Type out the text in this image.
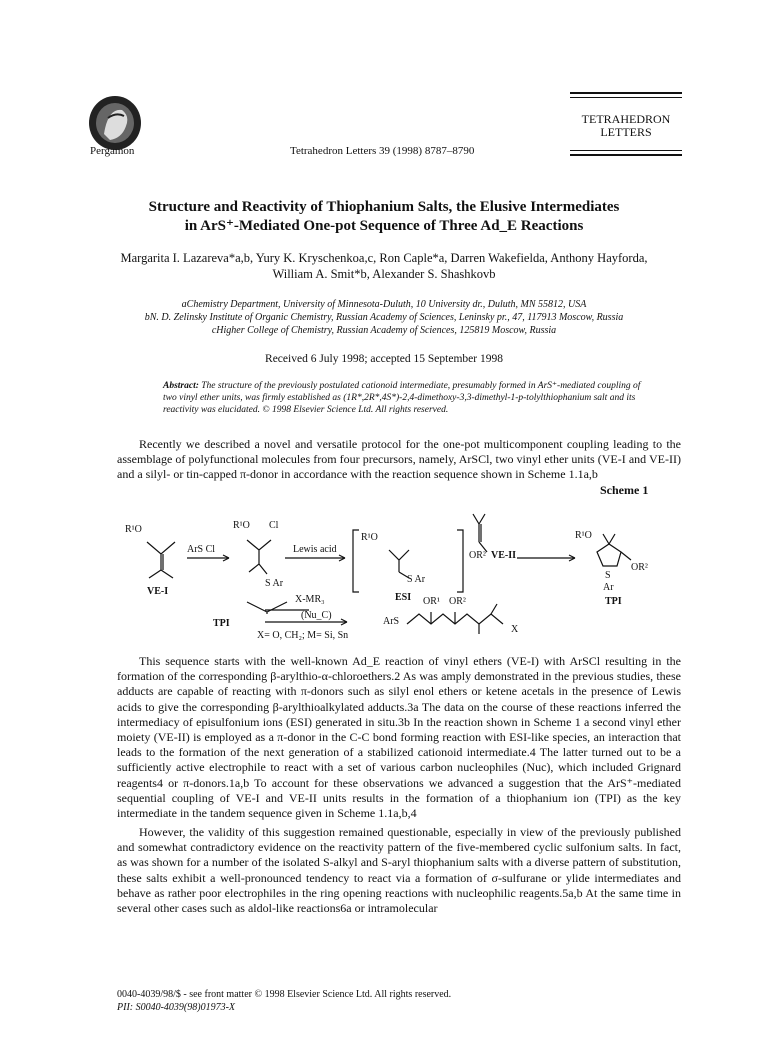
Pergamon	Tetrahedron Letters 39 (1998) 8787–8790
TETRAHEDRON
LETTERS
Structure and Reactivity of Thiophanium Salts, the Elusive Intermediates
in ArS⁺-Mediated One-pot Sequence of Three Ad_E Reactions
Margarita I. Lazareva*a,b, Yury K. Kryschenkoa,c, Ron Caple*a, Darren Wakefielda, Anthony Hayforda,
William A. Smit*b, Alexander S. Shashkovb
aChemistry Department, University of Minnesota-Duluth, 10 University dr., Duluth, MN 55812, USA
bN. D. Zelinsky Institute of Organic Chemistry, Russian Academy of Sciences, Leninsky pr., 47, 117913 Moscow, Russia
cHigher College of Chemistry, Russian Academy of Sciences, 125819 Moscow, Russia
Received 6 July 1998; accepted 15 September 1998
Abstract: The structure of the previously postulated cationoid intermediate, presumably formed in ArS⁺-mediated coupling of two vinyl ether units, was firmly established as (1R*,2R*,4S*)-2,4-dimethoxy-3,3-dimethyl-1-p-tolylthiophanium salt and its reactivity was elucidated. © 1998 Elsevier Science Ltd. All rights reserved.
Recently we described a novel and versatile protocol for the one-pot multicomponent coupling leading to the assemblage of polyfunctional molecules from four precursors, namely, ArSCl, two vinyl ether units (VE-I and VE-II) and a silyl- or tin-capped π-donor in accordance with the reaction sequence shown in Scheme 1.1a,b
Scheme 1
R¹O
ArS Cl
R¹O Cl
S Ar
Lewis acid
R¹O
S Ar
OR² VE-II
R¹O
S
Ar
OR²
VE-I
ESI	TPI
TPI
X-MR₃
(Nu_C)
X= O, CH₂; M= Si, Sn
ArS
OR¹ OR²
X
This sequence starts with the well-known Ad_E reaction of vinyl ethers (VE-I) with ArSCl resulting in the formation of the corresponding β-arylthio-α-chloroethers.2 As was amply demonstrated in the previous studies, these adducts are capable of reacting with π-donors such as silyl enol ethers or ketene acetals in the presence of Lewis acids to give the corresponding β-arylthioalkylated adducts.3a The data on the course of these reactions inferred the intermediacy of episulfonium ions (ESI) generated in situ.3b In the reaction shown in Scheme 1 a second vinyl ether moiety (VE-II) is employed as a π-donor in the C-C bond forming reaction with ESI-like species, an interaction that leads to the formation of the next generation of a stabilized cationoid intermediate.4 The latter turned out to be a sufficiently active electrophile to react with a set of various carbon nucleophiles (Nuc), which included Grignard reagents4 or π-donors.1a,b To account for these observations we advanced a suggestion that the ArS⁺-mediated sequential coupling of VE-I and VE-II units results in the formation of a thiophanium ion (TPI) as the key intermediate in the tandem sequence given in Scheme 1.1a,b,4
However, the validity of this suggestion remained questionable, especially in view of the previously published and somewhat contradictory evidence on the reactivity pattern of the five-membered cyclic sulfonium salts. In fact, as was shown for a number of the isolated S-alkyl and S-aryl thiophanium salts with a diverse pattern of substitution, these salts exhibit a well-pronounced tendency to react via a formation of σ-sulfurane or ylide intermediates and behave as rather poor electrophiles in the ring opening reactions with nucleophilic reagents.5a,b At the same time in several other cases such as aldol-like reactions6a or intramolecular
0040-4039/98/$ - see front matter © 1998 Elsevier Science Ltd. All rights reserved.
PII: S0040-4039(98)01973-X
